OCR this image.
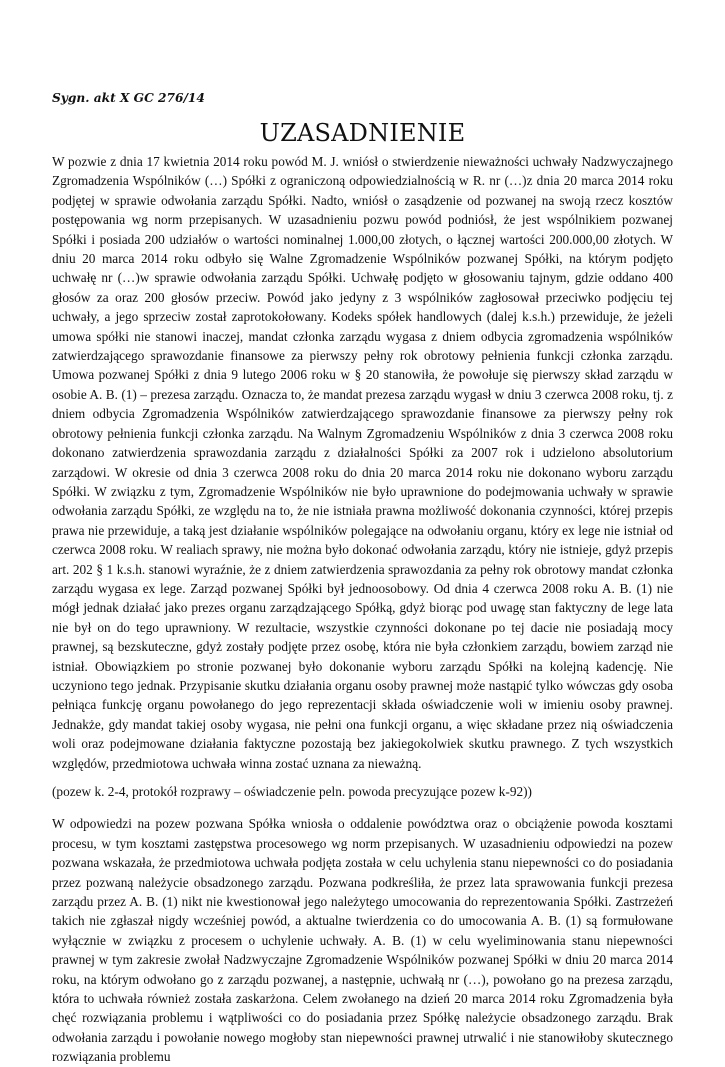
Sygn. akt X GC 276/14

UZASADNIENIE

W pozwie z dnia 17 kwietnia 2014 roku powód M. J. wniósł o stwierdzenie nieważności uchwały Nadzwyczajnego Zgromadzenia Wspólników (…) Spółki z ograniczoną odpowiedzialnością w R. nr (…)z dnia 20 marca 2014 roku podjętej w sprawie odwołania zarządu Spółki. Nadto, wniósł o zasądzenie od pozwanej na swoją rzecz kosztów postępowania wg norm przepisanych. W uzasadnieniu pozwu powód podniósł, że jest wspólnikiem pozwanej Spółki i posiada 200 udziałów o wartości nominalnej 1.000,00 złotych, o łącznej wartości 200.000,00 złotych. W dniu 20 marca 2014 roku odbyło się Walne Zgromadzenie Wspólników pozwanej Spółki, na którym podjęto uchwałę nr (…)w sprawie odwołania zarządu Spółki. Uchwałę podjęto w głosowaniu tajnym, gdzie oddano 400 głosów za oraz 200 głosów przeciw. Powód jako jedyny z 3 wspólników zagłosował przeciwko podjęciu tej uchwały, a jego sprzeciw został zaprotokołowany. Kodeks spółek handlowych (dalej k.s.h.) przewiduje, że jeżeli umowa spółki nie stanowi inaczej, mandat członka zarządu wygasa z dniem odbycia zgromadzenia wspólników zatwierdzającego sprawozdanie finansowe za pierwszy pełny rok obrotowy pełnienia funkcji członka zarządu. Umowa pozwanej Spółki z dnia 9 lutego 2006 roku w § 20 stanowiła, że powołuje się pierwszy skład zarządu w osobie A. B. (1) – prezesa zarządu. Oznacza to, że mandat prezesa zarządu wygasł w dniu 3 czerwca 2008 roku, tj. z dniem odbycia Zgromadzenia Wspólników zatwierdzającego sprawozdanie finansowe za pierwszy pełny rok obrotowy pełnienia funkcji członka zarządu. Na Walnym Zgromadzeniu Wspólników z dnia 3 czerwca 2008 roku dokonano zatwierdzenia sprawozdania zarządu z działalności Spółki za 2007 rok i udzielono absolutorium zarządowi. W okresie od dnia 3 czerwca 2008 roku do dnia 20 marca 2014 roku nie dokonano wyboru zarządu Spółki. W związku z tym, Zgromadzenie Wspólników nie było uprawnione do podejmowania uchwały w sprawie odwołania zarządu Spółki, ze względu na to, że nie istniała prawna możliwość dokonania czynności, której przepis prawa nie przewiduje, a taką jest działanie wspólników polegające na odwołaniu organu, który ex lege nie istniał od czerwca 2008 roku. W realiach sprawy, nie można było dokonać odwołania zarządu, który nie istnieje, gdyż przepis art. 202 § 1 k.s.h. stanowi wyraźnie, że z dniem zatwierdzenia sprawozdania za pełny rok obrotowy mandat członka zarządu wygasa ex lege. Zarząd pozwanej Spółki był jednoosobowy. Od dnia 4 czerwca 2008 roku A. B. (1) nie mógł jednak działać jako prezes organu zarządzającego Spółką, gdyż biorąc pod uwagę stan faktyczny de lege lata nie był on do tego uprawniony. W rezultacie, wszystkie czynności dokonane po tej dacie nie posiadają mocy prawnej, są bezskuteczne, gdyż zostały podjęte przez osobę, która nie była członkiem zarządu, bowiem zarząd nie istniał. Obowiązkiem po stronie pozwanej było dokonanie wyboru zarządu Spółki na kolejną kadencję. Nie uczyniono tego jednak. Przypisanie skutku działania organu osoby prawnej może nastąpić tylko wówczas gdy osoba pełniąca funkcję organu powołanego do jego reprezentacji składa oświadczenie woli w imieniu osoby prawnej. Jednakże, gdy mandat takiej osoby wygasa, nie pełni ona funkcji organu, a więc składane przez nią oświadczenia woli oraz podejmowane działania faktyczne pozostają bez jakiegokolwiek skutku prawnego. Z tych wszystkich względów, przedmiotowa uchwała winna zostać uznana za nieważną.

(pozew k. 2-4, protokół rozprawy – oświadczenie peln. powoda precyzujące pozew k-92))

W odpowiedzi na pozew pozwana Spółka wniosła o oddalenie powództwa oraz o obciążenie powoda kosztami procesu, w tym kosztami zastępstwa procesowego wg norm przepisanych. W uzasadnieniu odpowiedzi na pozew pozwana wskazała, że przedmiotowa uchwała podjęta została w celu uchylenia stanu niepewności co do posiadania przez pozwaną należycie obsadzonego zarządu. Pozwana podkreśliła, że przez lata sprawowania funkcji prezesa zarządu przez A. B. (1) nikt nie kwestionował jego należytego umocowania do reprezentowania Spółki. Zastrzeżeń takich nie zgłaszał nigdy wcześniej powód, a aktualne twierdzenia co do umocowania A. B. (1) są formułowane wyłącznie w związku z procesem o uchylenie uchwały. A. B. (1) w celu wyeliminowania stanu niepewności prawnej w tym zakresie zwołał Nadzwyczajne Zgromadzenie Wspólników pozwanej Spółki w dniu 20 marca 2014 roku, na którym odwołano go z zarządu pozwanej, a następnie, uchwałą nr (…), powołano go na prezesa zarządu, która to uchwała również została zaskarżona. Celem zwołanego na dzień 20 marca 2014 roku Zgromadzenia była chęć rozwiązania problemu i wątpliwości co do posiadania przez Spółkę należycie obsadzonego zarządu. Brak odwołania zarządu i powołanie nowego mogłoby stan niepewności prawnej utrwalić i nie stanowiłoby skutecznego rozwiązania problemu
